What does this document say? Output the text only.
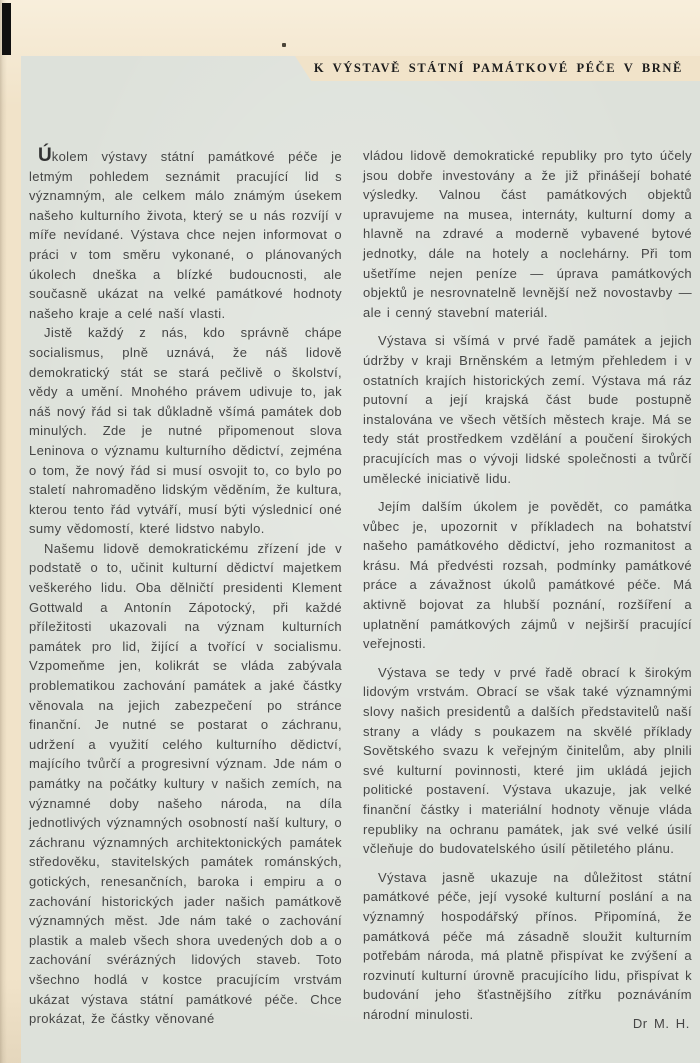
K VÝSTAVĚ STÁTNÍ PAMÁTKOVÉ PÉČE V BRNĚ

Úkolem výstavy státní památkové péče je letmým pohledem seznámit pracující lid s významným, ale celkem málo známým úsekem našeho kulturního života, který se u nás rozvíjí v míře nevídané. Výstava chce nejen informovat o práci v tom směru vykonané, o plánovaných úkolech dneška a blízké budoucnosti, ale současně ukázat na velké památkové hodnoty našeho kraje a celé naší vlasti.

Jistě každý z nás, kdo správně chápe socialismus, plně uznává, že náš lidově demokratický stát se stará pečlivě o školství, vědy a umění. Mnohého právem udivuje to, jak náš nový řád si tak důkladně všímá památek dob minulých. Zde je nutné připomenout slova Leninova o významu kulturního dědictví, zejména o tom, že nový řád si musí osvojit to, co bylo po staletí nahromaděno lidským věděním, že kultura, kterou tento řád vytváří, musí býti výslednicí oné sumy vědomostí, které lidstvo nabylo.

Našemu lidově demokratickému zřízení jde v podstatě o to, učinit kulturní dědictví majetkem veškerého lidu. Oba dělničtí presidenti Klement Gottwald a Antonín Zápotocký, při každé příležitosti ukazovali na význam kulturních památek pro lid, žijící a tvořící v socialismu. Vzpomeňme jen, kolikrát se vláda zabývala problematikou zachování památek a jaké částky věnovala na jejich zabezpečení po stránce finanční. Je nutné se postarat o záchranu, udržení a využití celého kulturního dědictví, majícího tvůrčí a progresivní význam. Jde nám o památky na počátky kultury v našich zemích, na významné doby našeho národa, na díla jednotlivých významných osobností naší kultury, o záchranu významných architektonických památek středověku, stavitelských památek románských, gotických, renesančních, baroka i empiru a o zachování historických jader našich památkově významných měst. Jde nám také o zachování plastik a maleb všech shora uvedených dob a o zachování svérázných lidových staveb. Toto všechno hodlá v kostce pracujícím vrstvám ukázat výstava státní památkové péče. Chce prokázat, že částky věnované

vládou lidově demokratické republiky pro tyto účely jsou dobře investovány a že již přinášejí bohaté výsledky. Valnou část památkových objektů upravujeme na musea, internáty, kulturní domy a hlavně na zdravé a moderně vybavené bytové jednotky, dále na hotely a noclehárny. Při tom ušetříme nejen peníze — úprava památkových objektů je nesrovnatelně levnější než novostavby — ale i cenný stavební materiál.

Výstava si všímá v prvé řadě památek a jejich údržby v kraji Brněnském a letmým přehledem i v ostatních krajích historických zemí. Výstava má ráz putovní a její krajská část bude postupně instalována ve všech větších městech kraje. Má se tedy stát prostředkem vzdělání a poučení širokých pracujících mas o vývoji lidské společnosti a tvůrčí umělecké iniciativě lidu.

Jejím dalším úkolem je povědět, co památka vůbec je, upozornit v příkladech na bohatství našeho památkového dědictví, jeho rozmanitost a krásu. Má předvésti rozsah, podmínky památkové práce a závažnost úkolů památkové péče. Má aktivně bojovat za hlubší poznání, rozšíření a uplatnění památkových zájmů v nejširší pracující veřejnosti.

Výstava se tedy v prvé řadě obrací k širokým lidovým vrstvám. Obrací se však také významnými slovy našich presidentů a dalších představitelů naší strany a vlády s poukazem na skvělé příklady Sovětského svazu k veřejným činitelům, aby plnili své kulturní povinnosti, které jim ukládá jejich politické postavení. Výstava ukazuje, jak velké finanční částky i materiální hodnoty věnuje vláda republiky na ochranu památek, jak své velké úsilí včleňuje do budovatelského úsilí pětiletého plánu.

Výstava jasně ukazuje na důležitost státní památkové péče, její vysoké kulturní poslání a na významný hospodářský přínos. Připomíná, že památková péče má zásadně sloužit kulturním potřebám národa, má platně přispívat ke zvýšení a rozvinutí kulturní úrovně pracujícího lidu, přispívat k budování jeho šťastnějšího zítřku poznáváním národní minulosti.

Dr M. H.
